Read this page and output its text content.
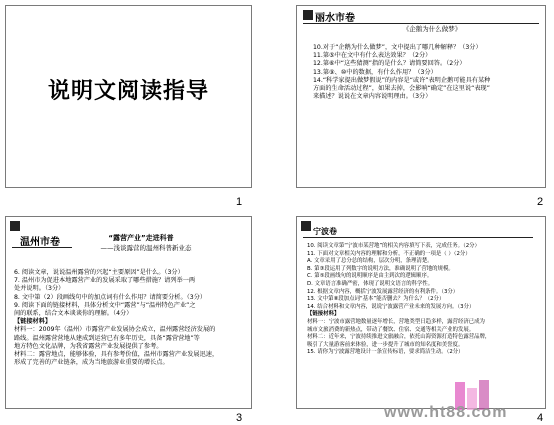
说明文阅读指导
1
丽水市卷
《企鹅为什么做梦》

10.对于“企鹅为什么做梦”，文中提出了哪几种解释？（3分）

11.第⑤中在文中有什么表达效果？（2分）

12.第⑥中“这些猜测”指的是什么？请简要回答。（2分）

13.第⑨、⑩中的数据，有什么作用？（3分）

14.“科学家提出做梦假说”的内容是“或许”表明企鹅可能具有某种

方面的生命活动过程”，如果去掉，会影响“确定”在这里说“表现”

来描述？说说在文章内容说明理由。（3分）

2
温州市卷	“露营产业”走进科普
——浅谈露营的温州科普新业态

6. 阅读文章，说说温州露营的兴起“主要原因”是什么。（3分）

7. 温州市为促进本地露营产业的发展采取了哪些措施？请列举一两

处并说明。（3分）

8. 文中第（2）段画线句中的加点词有什么作用？请简要分析。（3分）

9. 阅读下面的链接材料，具体分析文中“露营”与“温州特色产业”之

间的联系，结合文本谈谈你的理解。（4分）

【链接材料】

材料一：2009年（温州）市露营产业发展协会成立，温州露营经济发展的

路线。温州露营营地从建成到运营已有多年历史，具备“露营营地”等

地方特色文化品牌，为我省露营产业发展提供了参考。

材料二：露营地点，能够体验，具有参考价值，温州市露营产业发展迅速，

形成了完善的产业链条，成为当地旅游业重要的增长点。

3
宁波卷

10. 阅读文章第“宁波市某营地”的相关内容填写下表，完成任务。（2分）

11. 下面对文章相关内容的理解和分析，不正确的一项是（ ）（2分）

A. 文章采用了总分总的结构，层次分明，条理清楚。

B. 第③段运用了列数字的说明方法，准确说明了营地的规模。

C. 第⑤段画线句的说明顺序是由主到次的逻辑顺序。

D. 文章语言准确严密，体现了说明文语言的科学性。

12. 根据文章内容，概括宁波发展露营经济的有利条件。（3分）

13. 文中第⑧段加点词“基本”能否删去？为什么？（2分）

14. 结合材料和文章内容，说说宁波露营产业未来的发展方向。（3分）

【链接材料】

材料一：宁波市露营地数量逐年增长，营地类型日趋多样，露营经济已成为

城市文旅消费的新热点，带动了餐饮、住宿、交通等相关产业的发展。

材料二：近年来，宁波持续推进文旅融合，依托山海资源打造特色露营品牌，

吸引了大量游客前来体验，进一步提升了城市的知名度和美誉度。

15. 请你为宁波露营地设计一条宣传标语，要求简洁生动。（2分）

4
www.ht88.com
